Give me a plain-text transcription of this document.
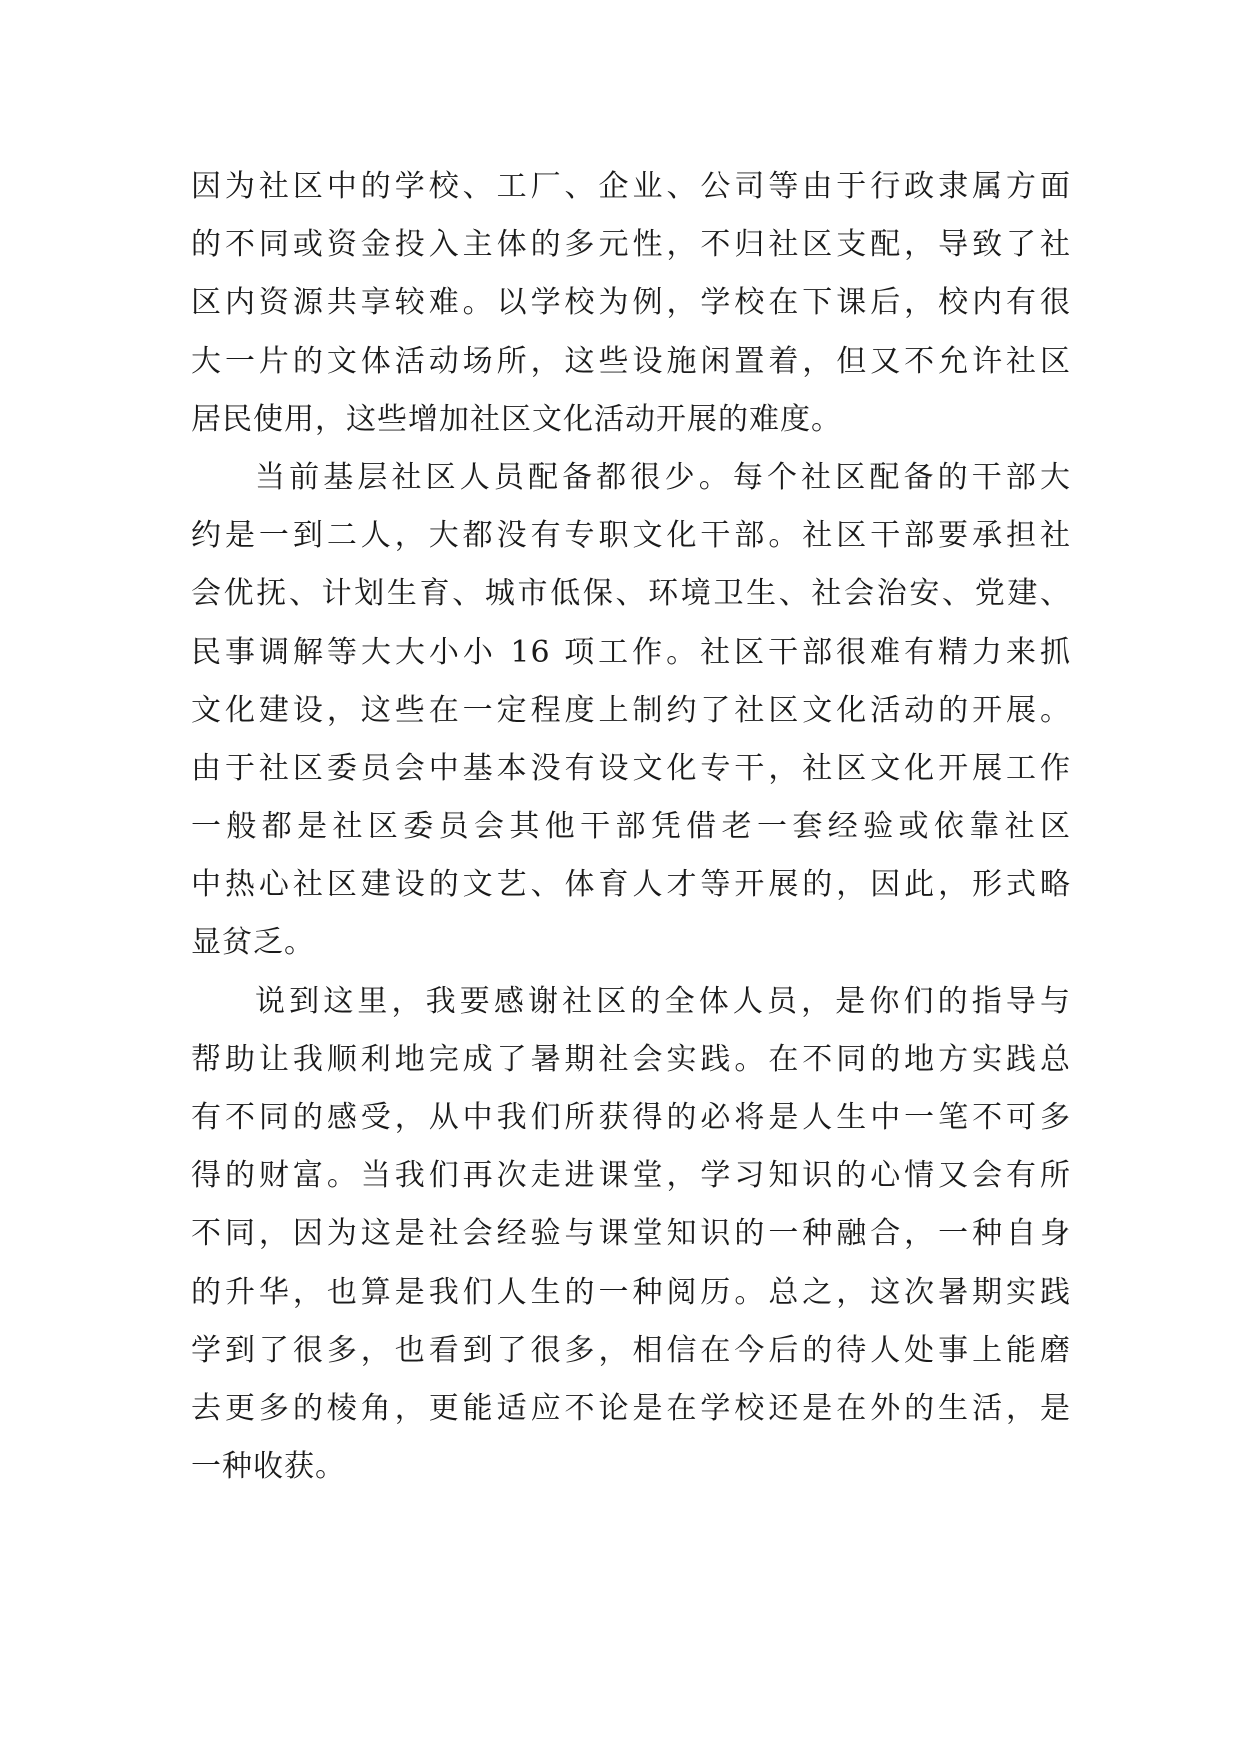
因为社区中的学校、工厂、企业、公司等由于行政隶属方面
的不同或资金投入主体的多元性，不归社区支配，导致了社
区内资源共享较难。以学校为例，学校在下课后，校内有很
大一片的文体活动场所，这些设施闲置着，但又不允许社区
居民使用，这些增加社区文化活动开展的难度。
当前基层社区人员配备都很少。每个社区配备的干部大
约是一到二人，大都没有专职文化干部。社区干部要承担社
会优抚、计划生育、城市低保、环境卫生、社会治安、党建、
民事调解等大大小小 16 项工作。社区干部很难有精力来抓
文化建设，这些在一定程度上制约了社区文化活动的开展。
由于社区委员会中基本没有设文化专干，社区文化开展工作
一般都是社区委员会其他干部凭借老一套经验或依靠社区
中热心社区建设的文艺、体育人才等开展的，因此，形式略
显贫乏。
说到这里，我要感谢社区的全体人员，是你们的指导与
帮助让我顺利地完成了暑期社会实践。在不同的地方实践总
有不同的感受，从中我们所获得的必将是人生中一笔不可多
得的财富。当我们再次走进课堂，学习知识的心情又会有所
不同，因为这是社会经验与课堂知识的一种融合，一种自身
的升华，也算是我们人生的一种阅历。总之，这次暑期实践
学到了很多，也看到了很多，相信在今后的待人处事上能磨
去更多的棱角，更能适应不论是在学校还是在外的生活，是
一种收获。
